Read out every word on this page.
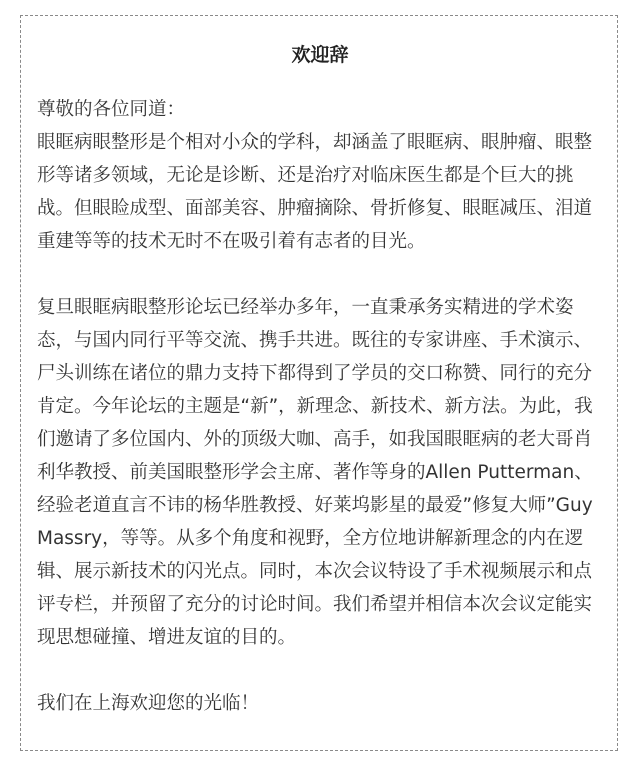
欢迎辞

尊敬的各位同道：

眼眶病眼整形是个相对小众的学科，却涵盖了眼眶病、眼肿瘤、眼整形等诸多领域，无论是诊断、还是治疗对临床医生都是个巨大的挑战。但眼睑成型、面部美容、肿瘤摘除、骨折修复、眼眶减压、泪道重建等等的技术无时不在吸引着有志者的目光。

复旦眼眶病眼整形论坛已经举办多年，一直秉承务实精进的学术姿态，与国内同行平等交流、携手共进。既往的专家讲座、手术演示、尸头训练在诸位的鼎力支持下都得到了学员的交口称赞、同行的充分肯定。今年论坛的主题是“新”，新理念、新技术、新方法。为此，我们邀请了多位国内、外的顶级大咖、高手，如我国眼眶病的老大哥肖利华教授、前美国眼整形学会主席、著作等身的Allen Putterman、经验老道直言不讳的杨华胜教授、好莱坞影星的最爱”修复大师”Guy Massry，等等。从多个角度和视野，全方位地讲解新理念的内在逻辑、展示新技术的闪光点。同时，本次会议特设了手术视频展示和点评专栏，并预留了充分的讨论时间。我们希望并相信本次会议定能实现思想碰撞、增进友谊的目的。

我们在上海欢迎您的光临！
